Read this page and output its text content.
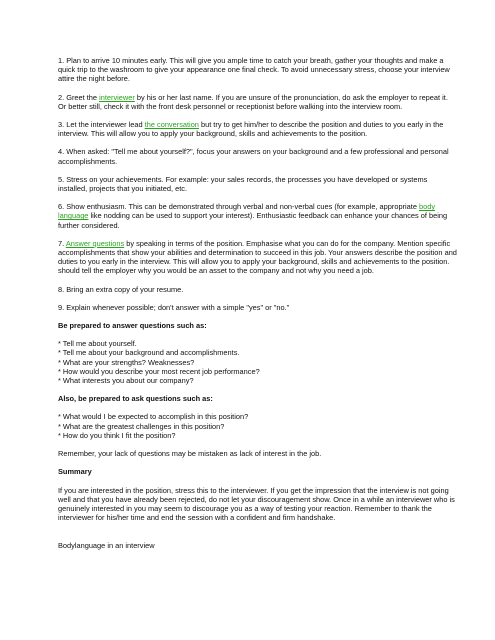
1. Plan to arrive 10 minutes early. This will give you ample time to catch your breath, gather your thoughts and make a quick trip to the washroom to give your appearance one final check. To avoid unnecessary stress, choose your interview attire the night before.

2. Greet the interviewer by his or her last name. If you are unsure of the pronunciation, do ask the employer to repeat it. Or better still, check it with the front desk personnel or receptionist before walking into the interview room.

3. Let the interviewer lead the conversation but try to get him/her to describe the position and duties to you early in the interview. This will allow you to apply your background, skills and achievements to the position.

4. When asked: "Tell me about yourself?", focus your answers on your background and a few professional and personal accomplishments.

5. Stress on your achievements. For example: your sales records, the processes you have developed or systems installed, projects that you initiated, etc.

6. Show enthusiasm. This can be demonstrated through verbal and non-verbal cues (for example, appropriate body language like nodding can be used to support your interest). Enthusiastic feedback can enhance your chances of being further considered.

7. Answer questions by speaking in terms of the position. Emphasise what you can do for the company. Mention specific accomplishments that show your abilities and determination to succeed in this job. Your answers describe the position and duties to you early in the interview. This will allow you to apply your background, skills and achievements to the position. should tell the employer why you would be an asset to the company and not why you need a job.

8. Bring an extra copy of your resume.

9. Explain whenever possible; don't answer with a simple "yes" or "no."

Be prepared to answer questions such as:
* Tell me about yourself.
* Tell me about your background and accomplishments.
* What are your strengths? Weaknesses?
* How would you describe your most recent job performance?
* What interests you about our company?
Also, be prepared to ask questions such as:
* What would I be expected to accomplish in this position?
* What are the greatest challenges in this position?
* How do you think I fit the position?

Remember, your lack of questions may be mistaken as lack of interest in the job.

Summary

If you are interested in the position, stress this to the interviewer. If you get the impression that the interview is not going well and that you have already been rejected, do not let your discouragement show. Once in a while an interviewer who is genuinely interested in you may seem to discourage you as a way of testing your reaction. Remember to thank the interviewer for his/her time and end the session with a confident and firm handshake.

Bodylanguage in an interview
